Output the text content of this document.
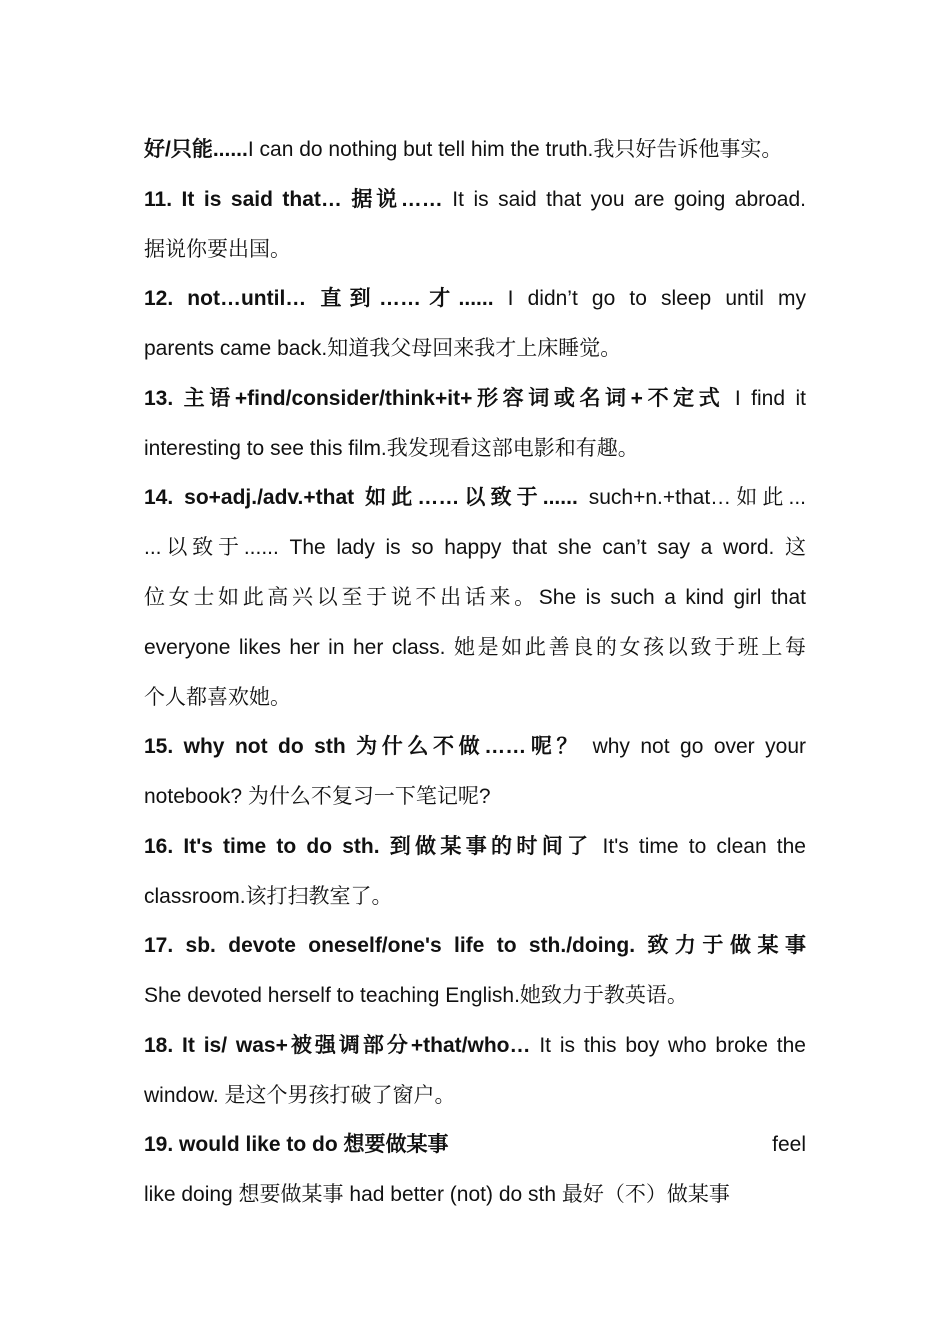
好/只能......I can do nothing but tell him the truth.我只好告诉他事实。
11. It is said that… 据说…… It is said that you are going abroad.
据说你要出国。
12. not…until… 直到……才...... I didn’t go to sleep until my
parents came back.知道我父母回来我才上床睡觉。
13. 主语+find/consider/think+it+形容词或名词+不定式 I find it
interesting to see this film.我发现看这部电影和有趣。
14. so+adj./adv.+that 如此……以致于...... such+n.+that…如此...
...以致于...... The lady is so happy that she can’t say a word. 这
位女士如此高兴以至于说不出话来。She is such a kind girl that
everyone likes her in her class. 她是如此善良的女孩以致于班上每
个人都喜欢她。
15. why not do sth 为什么不做……呢？ why not go over your
notebook? 为什么不复习一下笔记呢?
16. It's time to do sth. 到做某事的时间了 It's time to clean the
classroom.该打扫教室了。
17. sb. devote oneself/one's life to sth./doing. 致力于做某事
She devoted herself to teaching English.她致力于教英语。
18. It is/ was+被强调部分+that/who… It is this boy who broke the
window. 是这个男孩打破了窗户。
19. would like to do 想要做某事	feel
like doing 想要做某事 had better (not) do sth 最好（不）做某事
